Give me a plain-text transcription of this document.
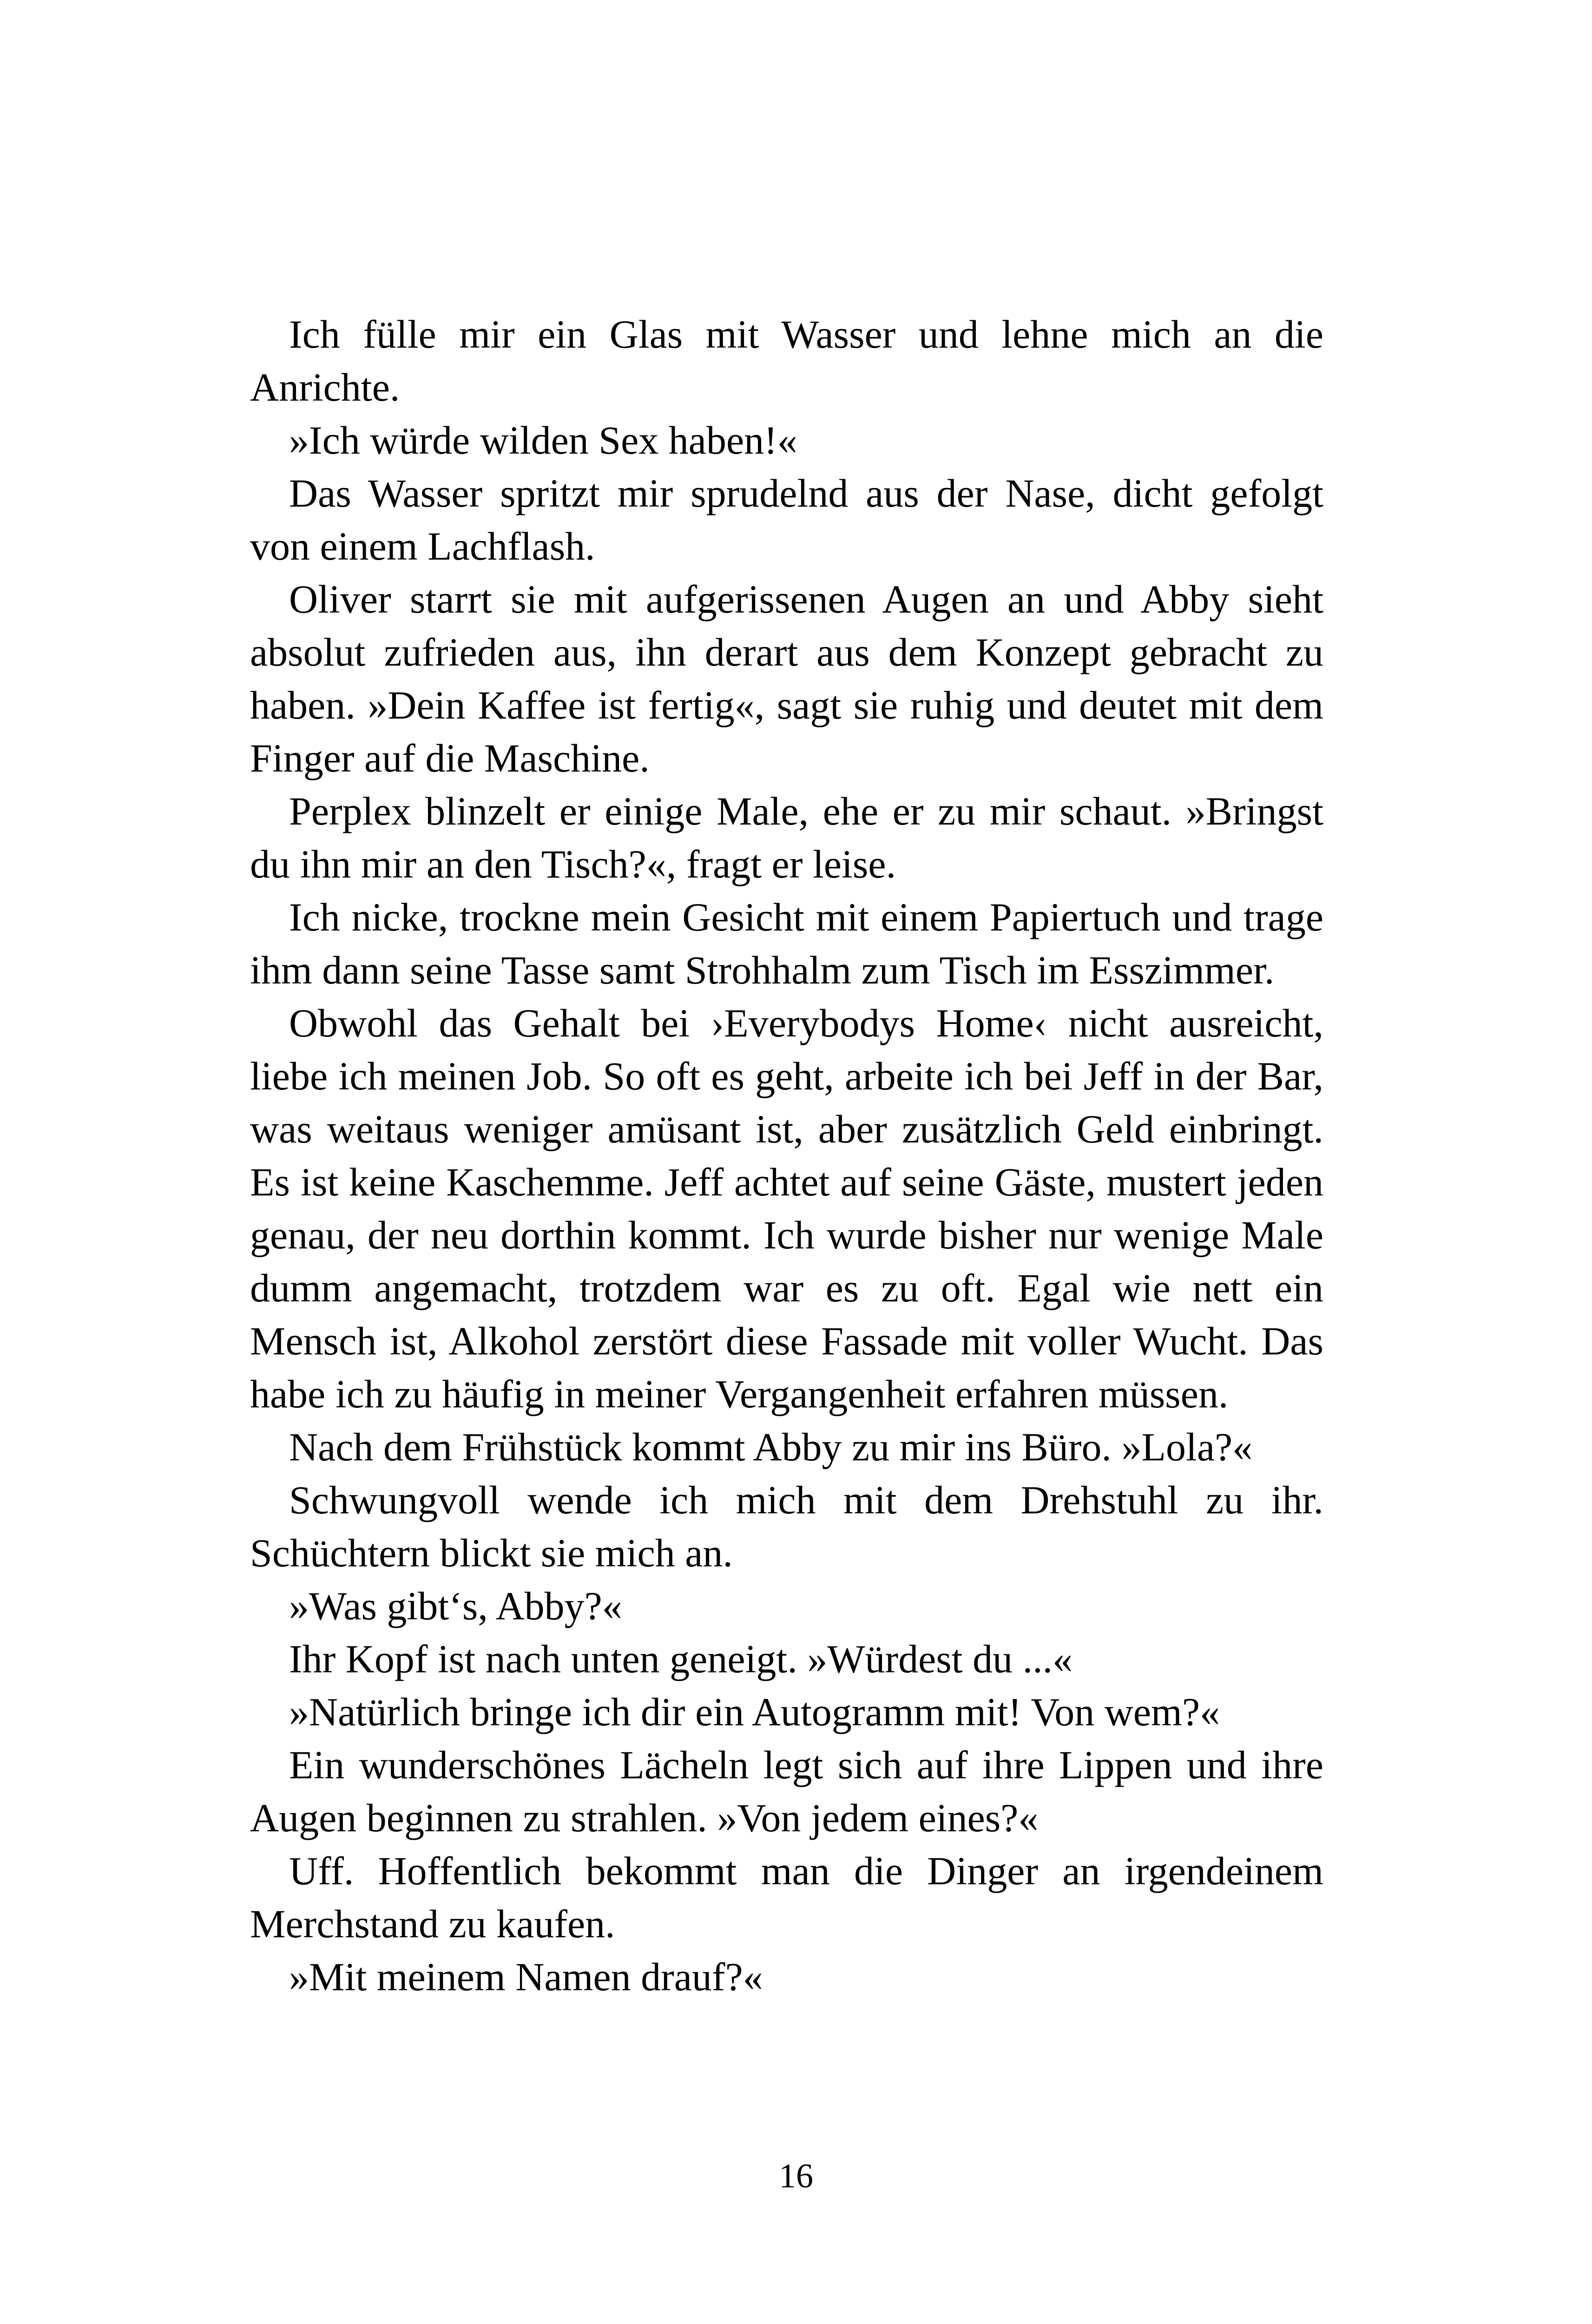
Ich fülle mir ein Glas mit Wasser und lehne mich an die Anrichte.

»Ich würde wilden Sex haben!«

Das Wasser spritzt mir sprudelnd aus der Nase, dicht gefolgt von einem Lachflash.

Oliver starrt sie mit aufgerissenen Augen an und Abby sieht absolut zufrieden aus, ihn derart aus dem Konzept gebracht zu haben. »Dein Kaffee ist fertig«, sagt sie ruhig und deutet mit dem Finger auf die Maschine.

Perplex blinzelt er einige Male, ehe er zu mir schaut. »Bringst du ihn mir an den Tisch?«, fragt er leise.

Ich nicke, trockne mein Gesicht mit einem Papiertuch und trage ihm dann seine Tasse samt Strohhalm zum Tisch im Esszimmer.

Obwohl das Gehalt bei ›Everybodys Home‹ nicht ausreicht, liebe ich meinen Job. So oft es geht, arbeite ich bei Jeff in der Bar, was weitaus weniger amüsant ist, aber zusätzlich Geld einbringt. Es ist keine Kaschemme. Jeff achtet auf seine Gäste, mustert jeden genau, der neu dorthin kommt. Ich wurde bisher nur wenige Male dumm angemacht, trotzdem war es zu oft. Egal wie nett ein Mensch ist, Alkohol zerstört diese Fassade mit voller Wucht. Das habe ich zu häufig in meiner Vergangenheit erfahren müssen.

Nach dem Frühstück kommt Abby zu mir ins Büro. »Lola?«

Schwungvoll wende ich mich mit dem Drehstuhl zu ihr. Schüchtern blickt sie mich an.

»Was gibt‘s, Abby?«

Ihr Kopf ist nach unten geneigt. »Würdest du ...«

»Natürlich bringe ich dir ein Autogramm mit! Von wem?«

Ein wunderschönes Lächeln legt sich auf ihre Lippen und ihre Augen beginnen zu strahlen. »Von jedem eines?«

Uff. Hoffentlich bekommt man die Dinger an irgendeinem Merchstand zu kaufen.

»Mit meinem Namen drauf?«

16
